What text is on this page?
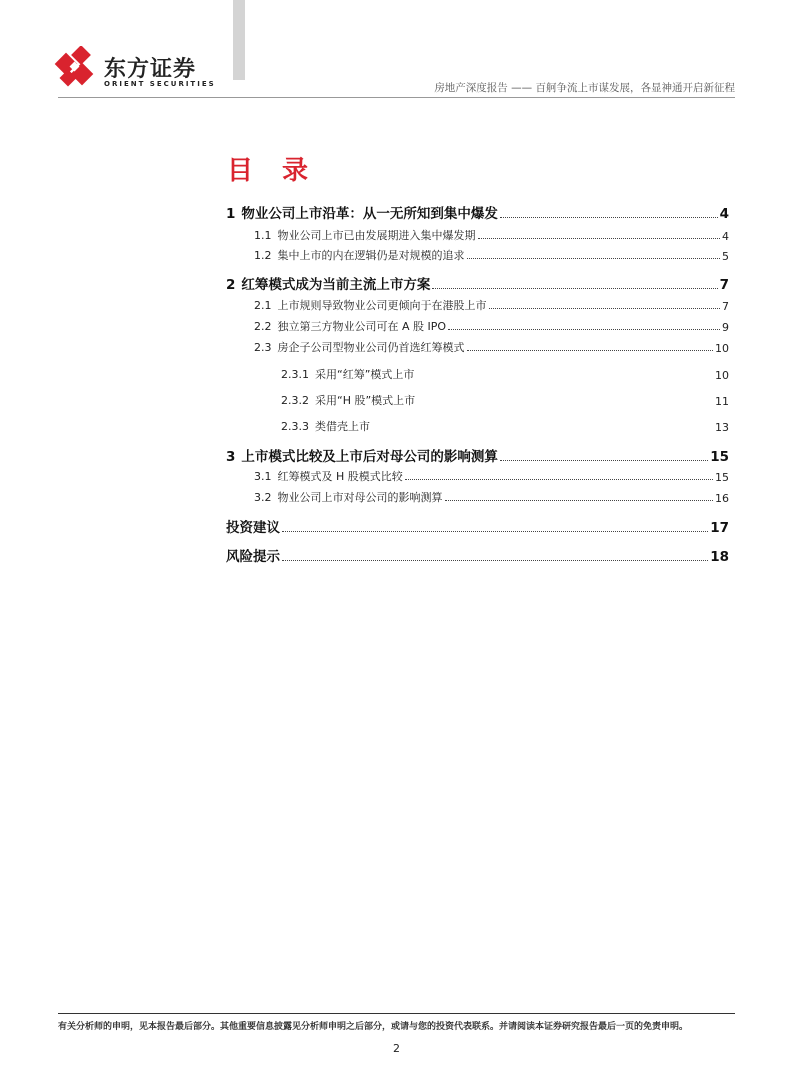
东方证券
ORIENT SECURITIES	房地产深度报告 —— 百舸争流上市谋发展，各显神通开启新征程
目 录
1 物业公司上市沿革：从一无所知到集中爆发	4
1.1 物业公司上市已由发展期进入集中爆发期	4
1.2 集中上市的内在逻辑仍是对规模的追求	5
2 红筹模式成为当前主流上市方案	7
2.1 上市规则导致物业公司更倾向于在港股上市	7
2.2 独立第三方物业公司可在 A 股 IPO	9
2.3 房企子公司型物业公司仍首选红筹模式	10
2.3.1 采用“红筹”模式上市	10
2.3.2 采用“H 股”模式上市	11
2.3.3 类借壳上市	13
3 上市模式比较及上市后对母公司的影响测算	15
3.1 红筹模式及 H 股模式比较	15
3.2 物业公司上市对母公司的影响测算	16
投资建议	17
风险提示	18
有关分析师的申明，见本报告最后部分。其他重要信息披露见分析师申明之后部分，或请与您的投资代表联系。并请阅读本证券研究报告最后一页的免责申明。
2
